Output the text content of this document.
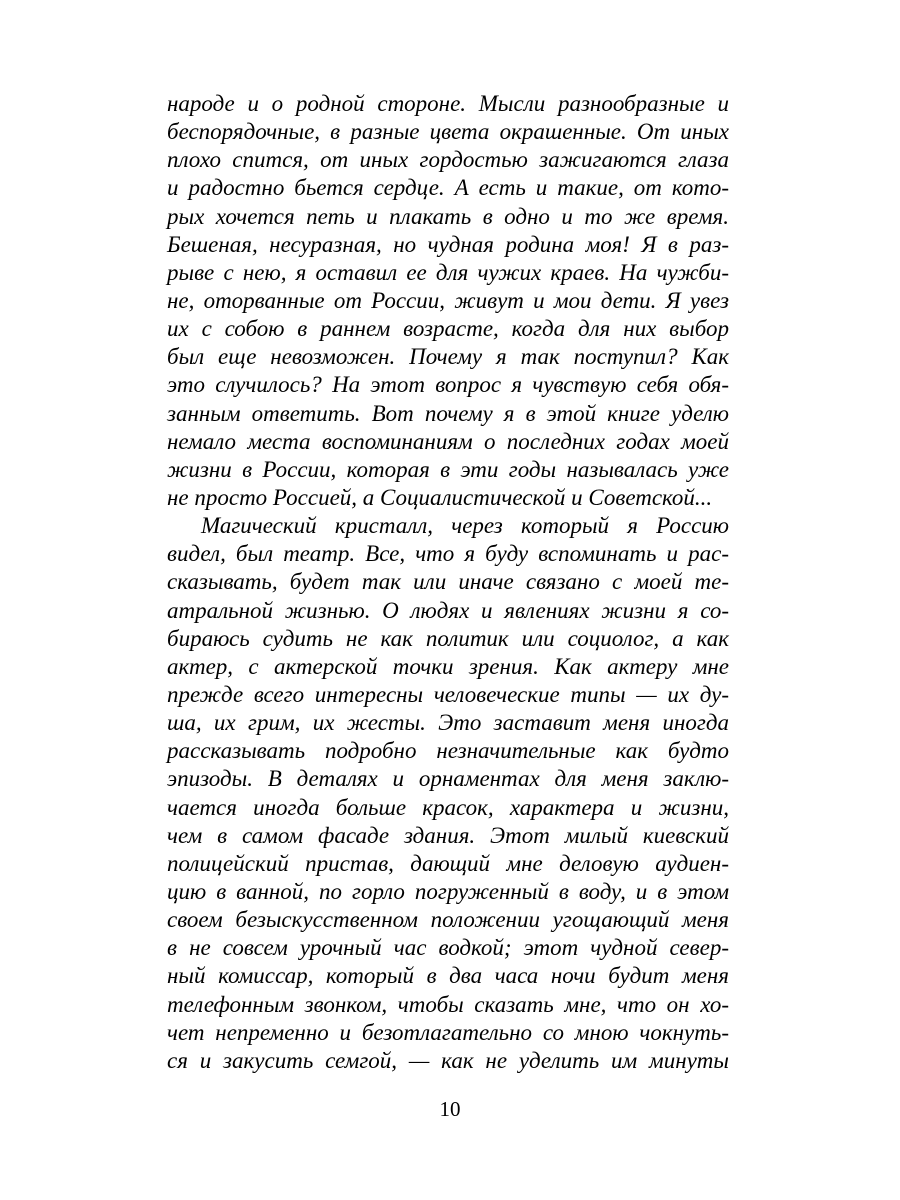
народе и о родной стороне. Мысли разнообразные и
беспорядочные, в разные цвета окрашенные. От иных
плохо спится, от иных гордостью зажигаются глаза
и радостно бьется сердце. А есть и такие, от кото-
рых хочется петь и плакать в одно и то же время.
Бешеная, несуразная, но чудная родина моя! Я в раз-
рыве с нею, я оставил ее для чужих краев. На чужби-
не, оторванные от России, живут и мои дети. Я увез
их с собою в раннем возрасте, когда для них выбор
был еще невозможен. Почему я так поступил? Как
это случилось? На этот вопрос я чувствую себя обя-
занным ответить. Вот почему я в этой книге уделю
немало места воспоминаниям о последних годах моей
жизни в России, которая в эти годы называлась уже
не просто Россией, а Социалистической и Советской...
Магический кристалл, через который я Россию
видел, был театр. Все, что я буду вспоминать и рас-
сказывать, будет так или иначе связано с моей те-
атральной жизнью. О людях и явлениях жизни я со-
бираюсь судить не как политик или социолог, а как
актер, с актерской точки зрения. Как актеру мне
прежде всего интересны человеческие типы — их ду-
ша, их грим, их жесты. Это заставит меня иногда
рассказывать подробно незначительные как будто
эпизоды. В деталях и орнаментах для меня заклю-
чается иногда больше красок, характера и жизни,
чем в самом фасаде здания. Этот милый киевский
полицейский пристав, дающий мне деловую аудиен-
цию в ванной, по горло погруженный в воду, и в этом
своем безыскусственном положении угощающий меня
в не совсем урочный час водкой; этот чудной север-
ный комиссар, который в два часа ночи будит меня
телефонным звонком, чтобы сказать мне, что он хо-
чет непременно и безотлагательно со мною чокнуть-
ся и закусить семгой, — как не уделить им минуты
10
